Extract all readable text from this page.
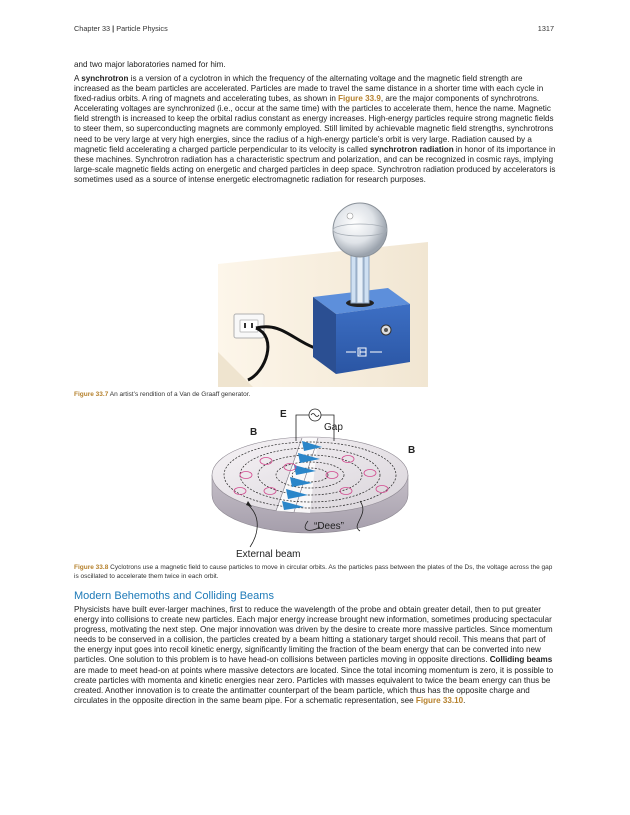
Chapter 33 | Particle Physics	1317

and two major laboratories named for him.

A synchrotron is a version of a cyclotron in which the frequency of the alternating voltage and the magnetic field strength are increased as the beam particles are accelerated. Particles are made to travel the same distance in a shorter time with each cycle in fixed-radius orbits. A ring of magnets and accelerating tubes, as shown in Figure 33.9, are the major components of synchrotrons. Accelerating voltages are synchronized (i.e., occur at the same time) with the particles to accelerate them, hence the name. Magnetic field strength is increased to keep the orbital radius constant as energy increases. High-energy particles require strong magnetic fields to steer them, so superconducting magnets are commonly employed. Still limited by achievable magnetic field strengths, synchrotrons need to be very large at very high energies, since the radius of a high-energy particle’s orbit is very large. Radiation caused by a magnetic field accelerating a charged particle perpendicular to its velocity is called synchrotron radiation in honor of its importance in these machines. Synchrotron radiation has a characteristic spectrum and polarization, and can be recognized in cosmic rays, implying large-scale magnetic fields acting on energetic and charged particles in deep space. Synchrotron radiation produced by accelerators is sometimes used as a source of intense energetic electromagnetic radiation for research purposes.

Figure 33.7 An artist’s rendition of a Van de Graaff generator.
E
Gap
B
B
“Dees”
External beam
Figure 33.8 Cyclotrons use a magnetic field to cause particles to move in circular orbits. As the particles pass between the plates of the Ds, the voltage across the gap is oscillated to accelerate them twice in each orbit.
Modern Behemoths and Colliding Beams

Physicists have built ever-larger machines, first to reduce the wavelength of the probe and obtain greater detail, then to put greater energy into collisions to create new particles. Each major energy increase brought new information, sometimes producing spectacular progress, motivating the next step. One major innovation was driven by the desire to create more massive particles. Since momentum needs to be conserved in a collision, the particles created by a beam hitting a stationary target should recoil. This means that part of the energy input goes into recoil kinetic energy, significantly limiting the fraction of the beam energy that can be converted into new particles. One solution to this problem is to have head-on collisions between particles moving in opposite directions. Colliding beams are made to meet head-on at points where massive detectors are located. Since the total incoming momentum is zero, it is possible to create particles with momenta and kinetic energies near zero. Particles with masses equivalent to twice the beam energy can thus be created. Another innovation is to create the antimatter counterpart of the beam particle, which thus has the opposite charge and circulates in the opposite direction in the same beam pipe. For a schematic representation, see Figure 33.10.
